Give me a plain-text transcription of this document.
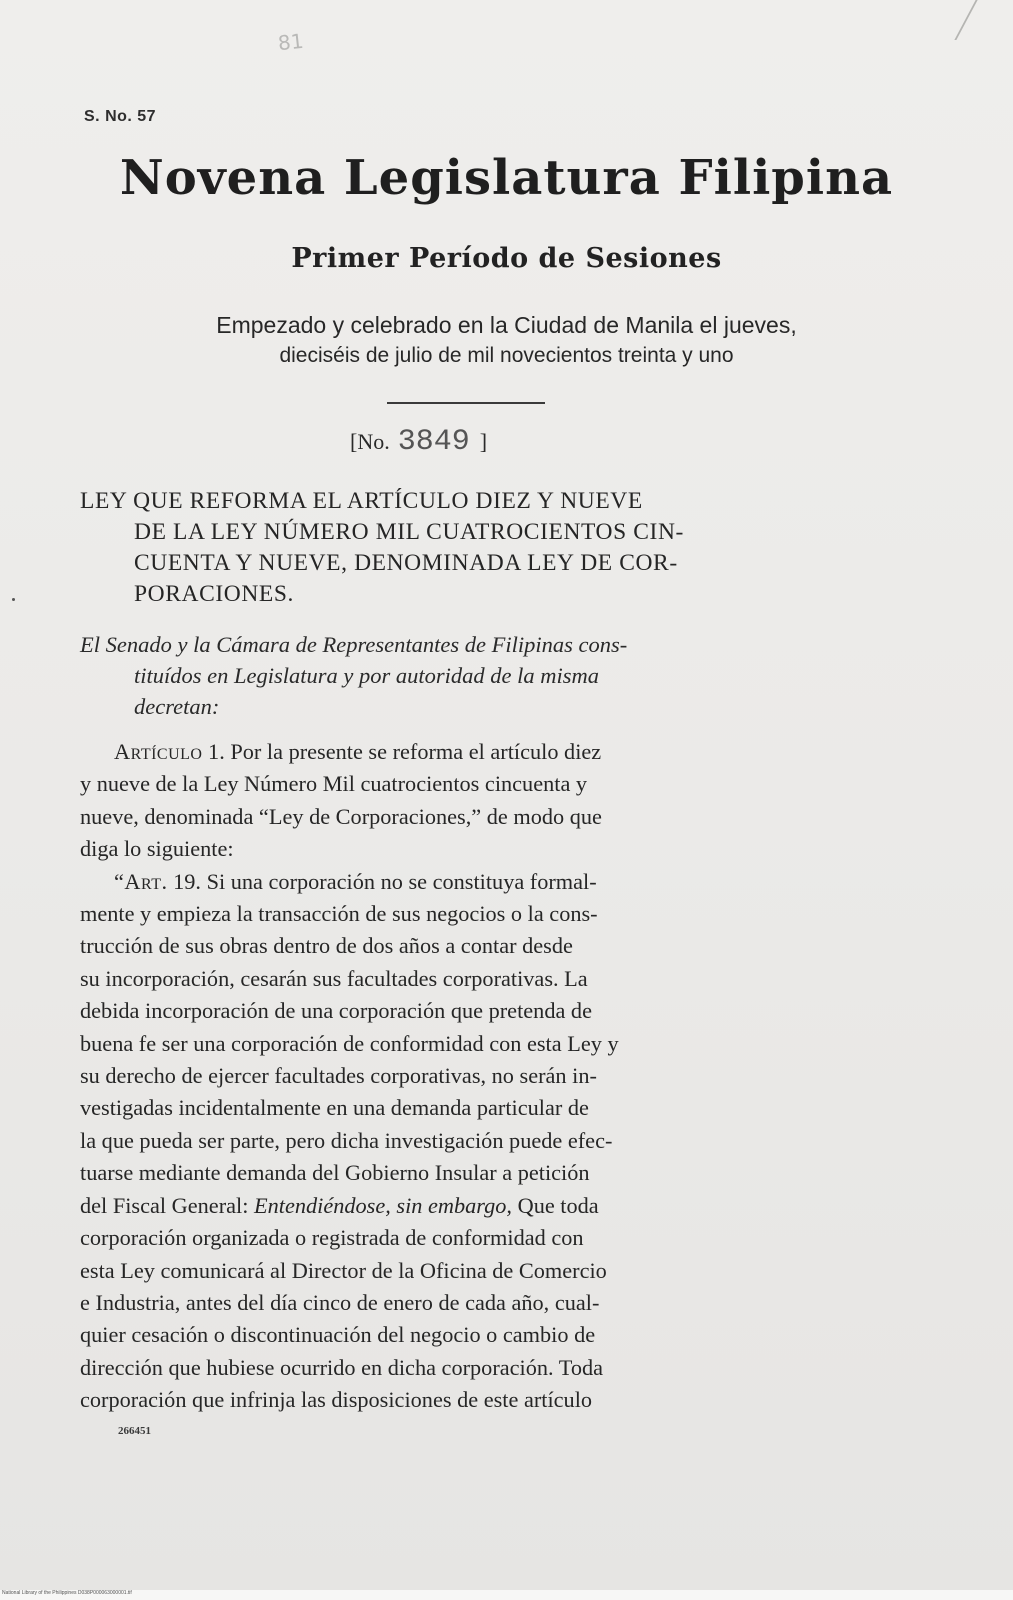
81
S. No. 57
Novena Legislatura Filipina
Primer Período de Sesiones
Empezado y celebrado en la Ciudad de Manila el jueves,
dieciséis de julio de mil novecientos treinta y uno
[No. 3849 ]
LEY QUE REFORMA EL ARTÍCULO DIEZ Y NUEVE
DE LA LEY NÚMERO MIL CUATROCIENTOS CIN-
CUENTA Y NUEVE, DENOMINADA LEY DE COR-
PORACIONES.
El Senado y la Cámara de Representantes de Filipinas cons-
tituídos en Legislatura y por autoridad de la misma
decretan:
Artículo 1. Por la presente se reforma el artículo diez
y nueve de la Ley Número Mil cuatrocientos cincuenta y
nueve, denominada “Ley de Corporaciones,” de modo que
diga lo siguiente:
“Art. 19. Si una corporación no se constituya formal-
mente y empieza la transacción de sus negocios o la cons-
trucción de sus obras dentro de dos años a contar desde
su incorporación, cesarán sus facultades corporativas. La
debida incorporación de una corporación que pretenda de
buena fe ser una corporación de conformidad con esta Ley y
su derecho de ejercer facultades corporativas, no serán in-
vestigadas incidentalmente en una demanda particular de
la que pueda ser parte, pero dicha investigación puede efec-
tuarse mediante demanda del Gobierno Insular a petición
del Fiscal General: Entendiéndose, sin embargo, Que toda
corporación organizada o registrada de conformidad con
esta Ley comunicará al Director de la Oficina de Comercio
e Industria, antes del día cinco de enero de cada año, cual-
quier cesación o discontinuación del negocio o cambio de
dirección que hubiese ocurrido en dicha corporación. Toda
corporación que infrinja las disposiciones de este artículo
266451
National Library of the Philippines D038P000063000001.tif
